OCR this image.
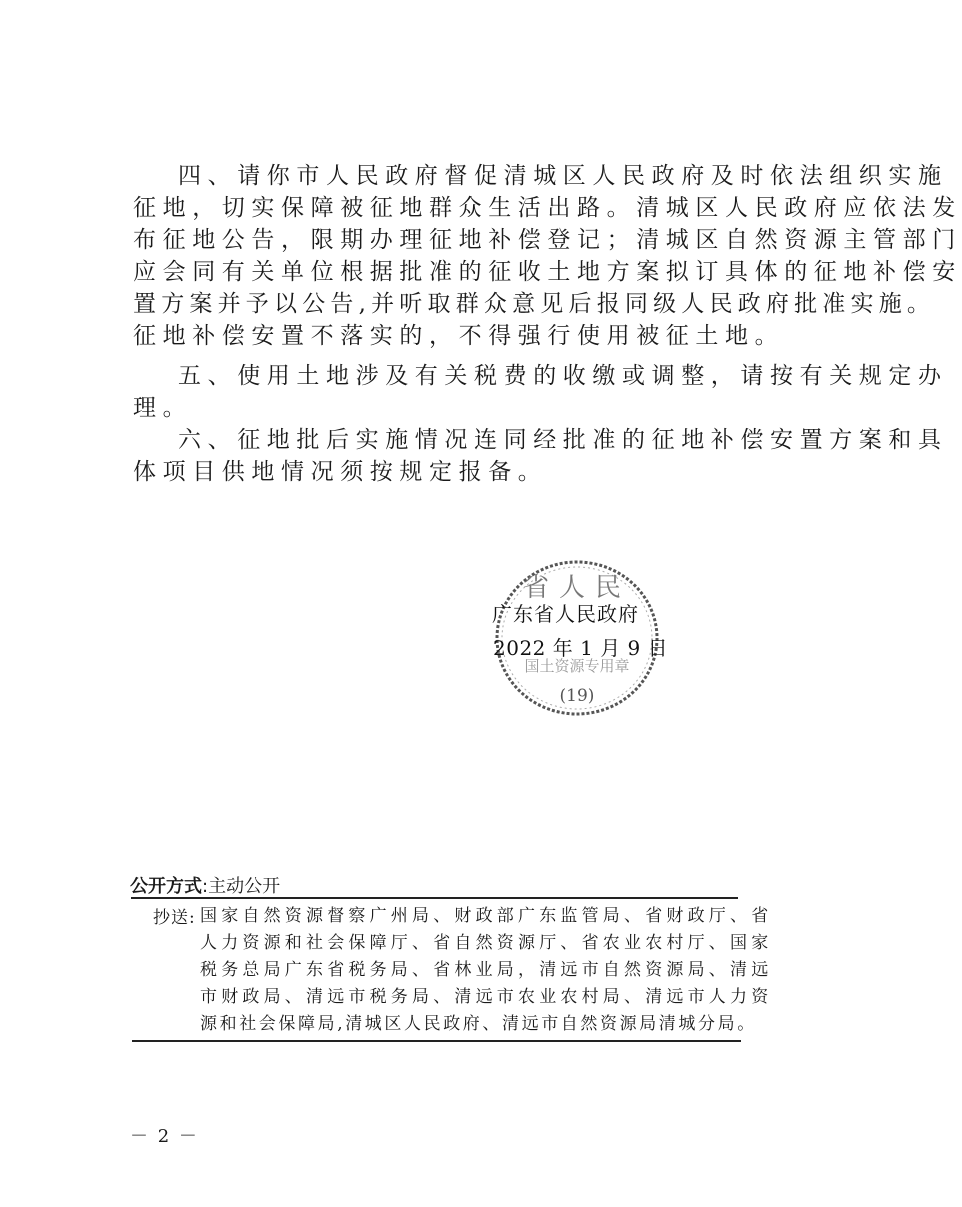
四、请你市人民政府督促清城区人民政府及时依法组织实施
征地，切实保障被征地群众生活出路。清城区人民政府应依法发
布征地公告，限期办理征地补偿登记；清城区自然资源主管部门
应会同有关单位根据批准的征收土地方案拟订具体的征地补偿安
置方案并予以公告,并听取群众意见后报同级人民政府批准实施。
征地补偿安置不落实的，不得强行使用被征土地。
五、使用土地涉及有关税费的收缴或调整，请按有关规定办
理。
六、征地批后实施情况连同经批准的征地补偿安置方案和具
体项目供地情况须按规定报备。
省人民
国土资源专用章
(19)
广东省人民政府
2022 年 1 月 9 日
公开方式:主动公开
抄送: 国家自然资源督察广州局、财政部广东监管局、省财政厅、省
人力资源和社会保障厅、省自然资源厅、省农业农村厅、国家
税务总局广东省税务局、省林业局，清远市自然资源局、清远
市财政局、清远市税务局、清远市农业农村局、清远市人力资
源和社会保障局,清城区人民政府、清远市自然资源局清城分局。
－ 2 －
